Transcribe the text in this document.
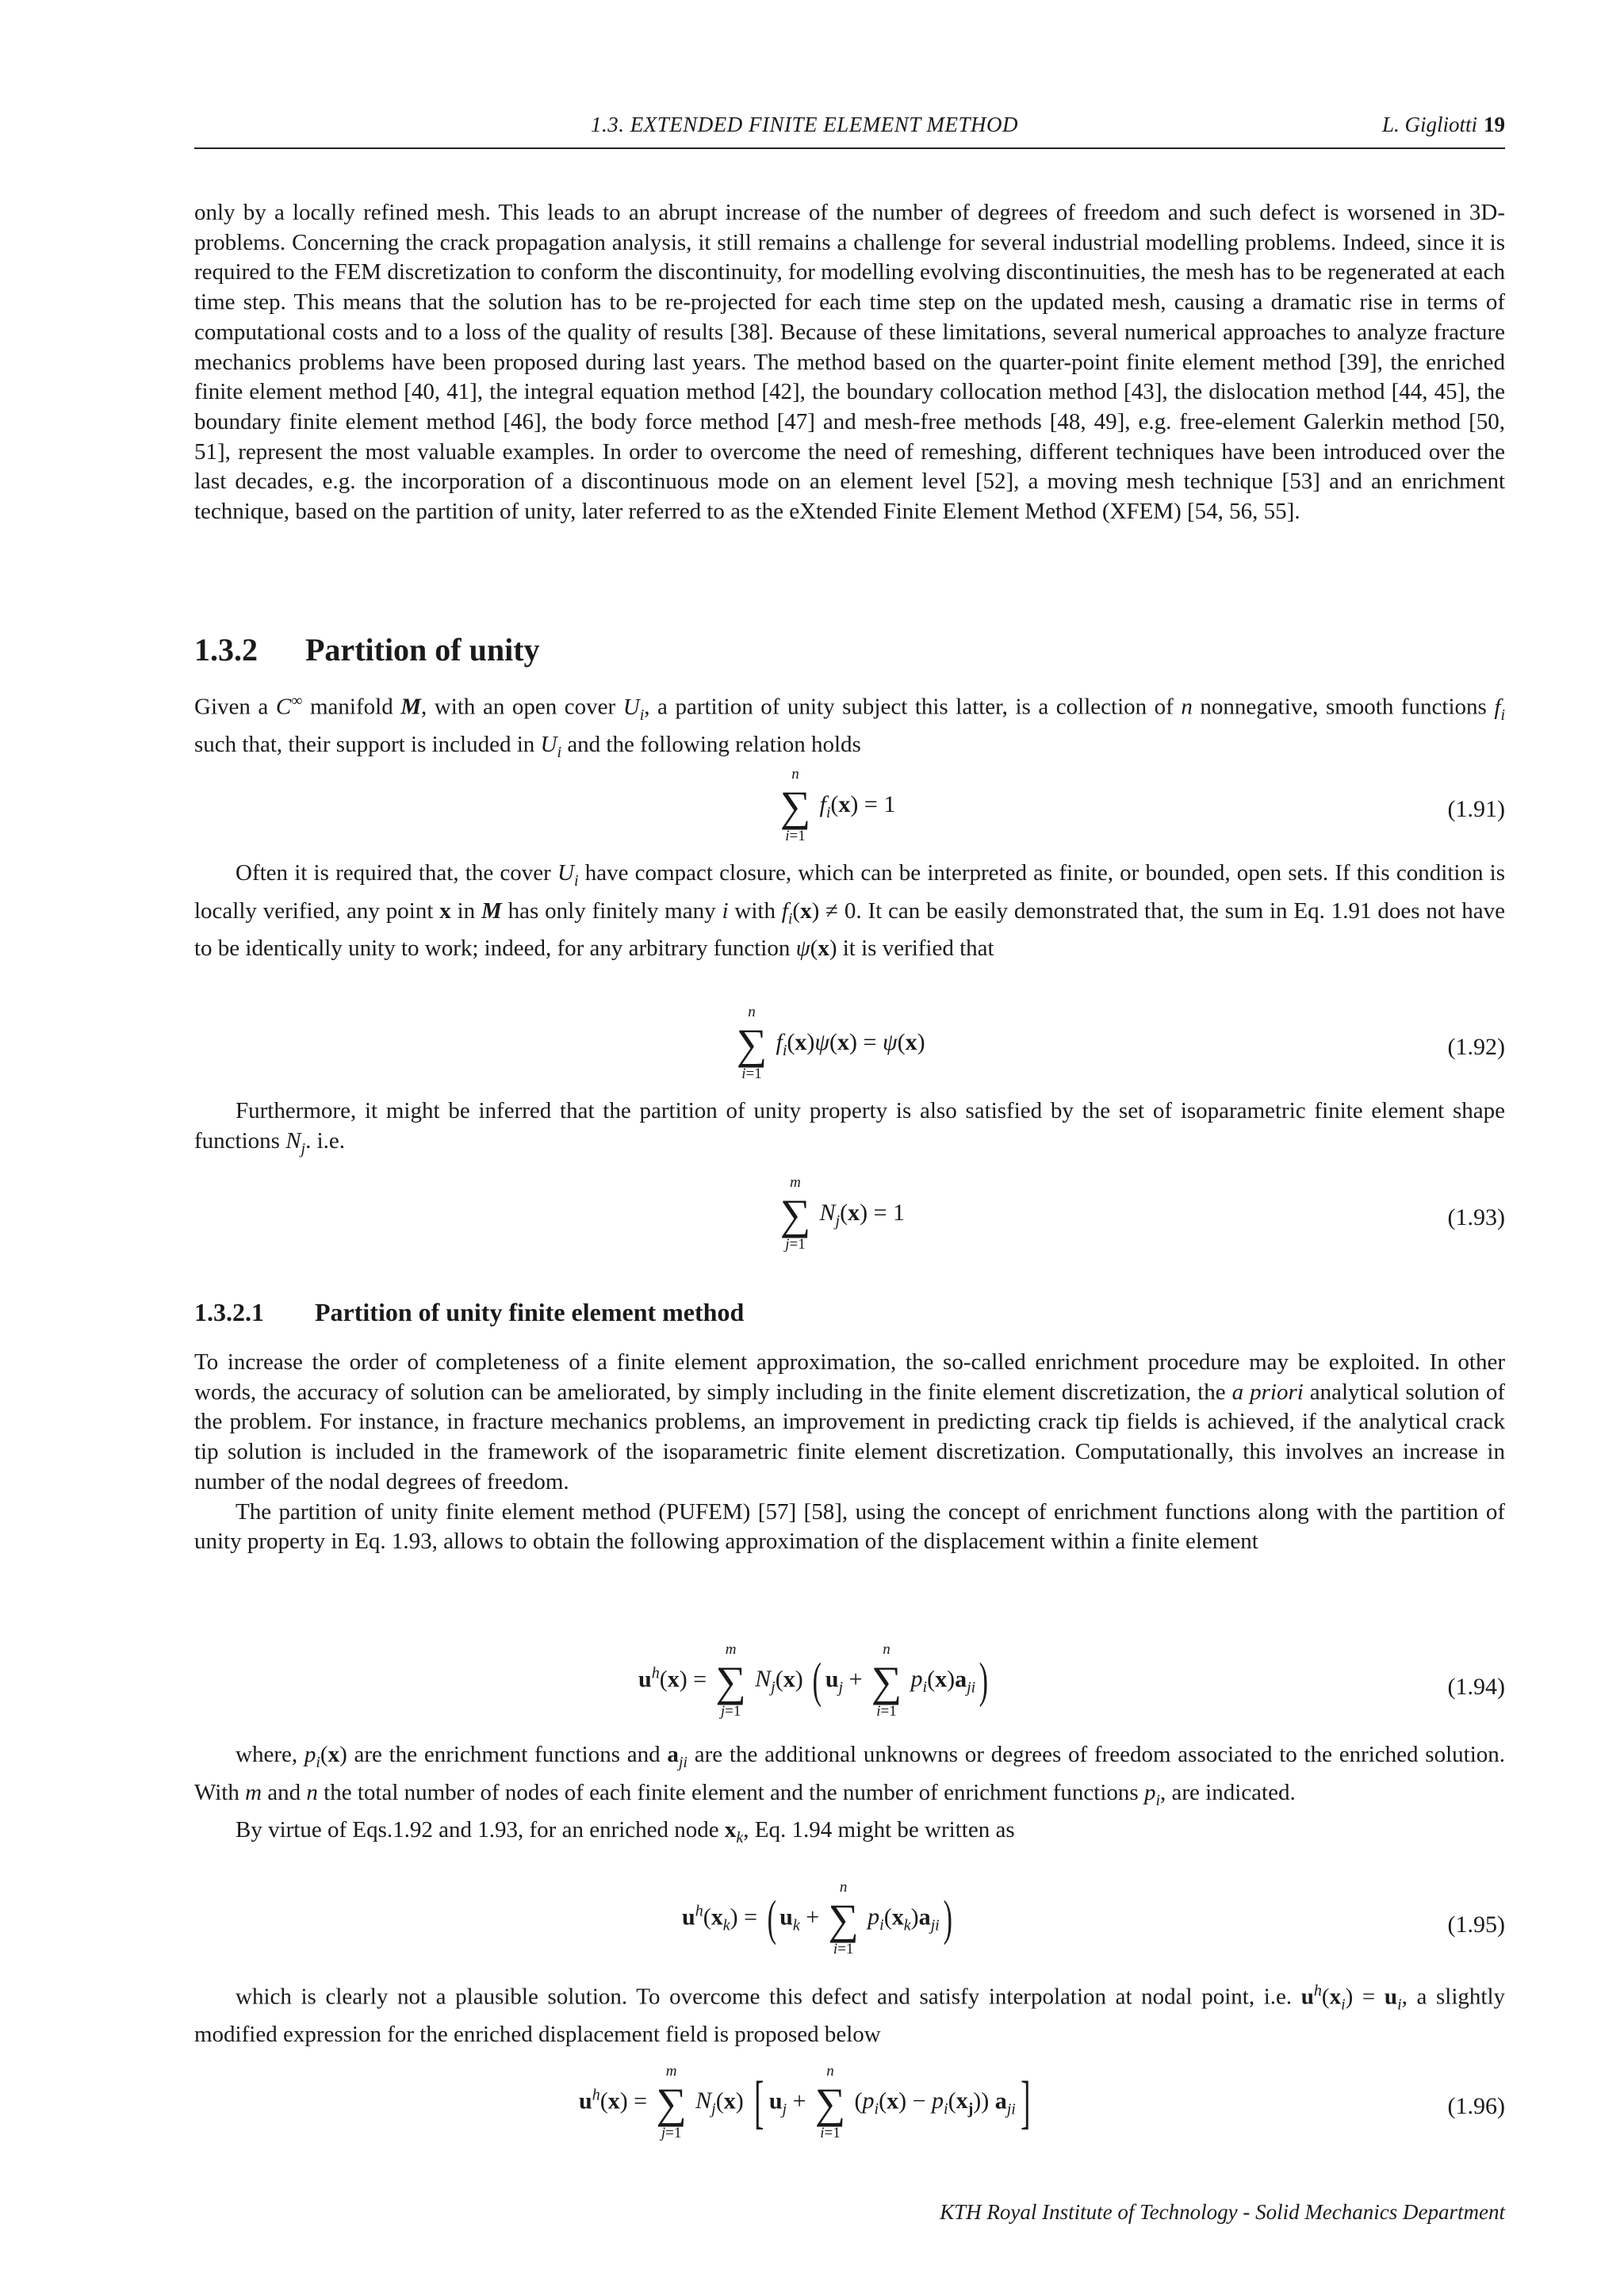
1.3. EXTENDED FINITE ELEMENT METHOD	L. Gigliotti 19

only by a locally refined mesh. This leads to an abrupt increase of the number of degrees of freedom and such defect is worsened in 3D-problems. Concerning the crack propagation analysis, it still remains a challenge for several industrial modelling problems. Indeed, since it is required to the FEM discretization to conform the discontinuity, for modelling evolving discontinuities, the mesh has to be regenerated at each time step. This means that the solution has to be re-projected for each time step on the updated mesh, causing a dramatic rise in terms of computational costs and to a loss of the quality of results [38]. Because of these limitations, several numerical approaches to analyze fracture mechanics problems have been proposed during last years. The method based on the quarter-point finite element method [39], the enriched finite element method [40, 41], the integral equation method [42], the boundary collocation method [43], the dislocation method [44, 45], the boundary finite element method [46], the body force method [47] and mesh-free methods [48, 49], e.g. free-element Galerkin method [50, 51], represent the most valuable examples. In order to overcome the need of remeshing, different techniques have been introduced over the last decades, e.g. the incorporation of a discontinuous mode on an element level [52], a moving mesh technique [53] and an enrichment technique, based on the partition of unity, later referred to as the eXtended Finite Element Method (XFEM) [54, 56, 55].

1.3.2 Partition of unity

Given a C∞ manifold M, with an open cover $U_i$, a partition of unity subject this latter, is a collection of n nonnegative, smooth functions $f_i$ such that, their support is included in $U_i$ and the following relation holds

n
∑
i=1
$f_i(x) = 1$	(1.91)

Often it is required that, the cover $U_i$ have compact closure, which can be interpreted as finite, or bounded, open sets. If this condition is locally verified, any point x in M has only finitely many i with $f_i(x) \ne 0$. It can be easily demonstrated that, the sum in Eq. 1.91 does not have to be identically unity to work; indeed, for any arbitrary function ψ(x) it is verified that

n
∑
i=1
$f_i(x)\psi(x) = \psi(x)$	(1.92)

Furthermore, it might be inferred that the partition of unity property is also satisfied by the set of isoparametric finite element shape functions $N_j$. i.e.

m
∑
j=1
$N_j(x) = 1$	(1.93)
1.3.2.1 Partition of unity finite element method

To increase the order of completeness of a finite element approximation, the so-called enrichment procedure may be exploited. In other words, the accuracy of solution can be ameliorated, by simply including in the finite element discretization, the a priori analytical solution of the problem. For instance, in fracture mechanics problems, an improvement in predicting crack tip fields is achieved, if the analytical crack tip solution is included in the framework of the isoparametric finite element discretization. Computationally, this involves an increase in number of the nodal degrees of freedom.

The partition of unity finite element method (PUFEM) [57] [58], using the concept of enrichment functions along with the partition of unity property in Eq. 1.93, allows to obtain the following approximation of the displacement within a finite element

$u^h(x)$ =
m
∑
j=1
$N_j(x)$ ( $u_j$ +
n
∑
i=1
$p_i(x)a_{ji}$)	(1.94)

where, $p_i(x)$ are the enrichment functions and $a_{ji}$ are the additional unknowns or degrees of freedom associated to the enriched solution. With m and n the total number of nodes of each finite element and the number of enrichment functions $p_i$, are indicated.

By virtue of Eqs.1.92 and 1.93, for an enriched node $x_k$, Eq. 1.94 might be written as

$u^h(x_k)$ = ( $u_k$ +
n
∑
i=1
$p_i(x_k)a_{ji}$)	(1.95)

which is clearly not a plausible solution. To overcome this defect and satisfy interpolation at nodal point, i.e. $u^h(x_i) = u_i$, a slightly modified expression for the enriched displacement field is proposed below

$u^h(x)$ =
m
∑
j=1
$N_j(x)$ [ $u_j$ +
n
∑
i=1
$(p_i(x) - p_i(x_j))$ $a_{ji}$]	(1.96)
KTH Royal Institute of Technology - Solid Mechanics Department
